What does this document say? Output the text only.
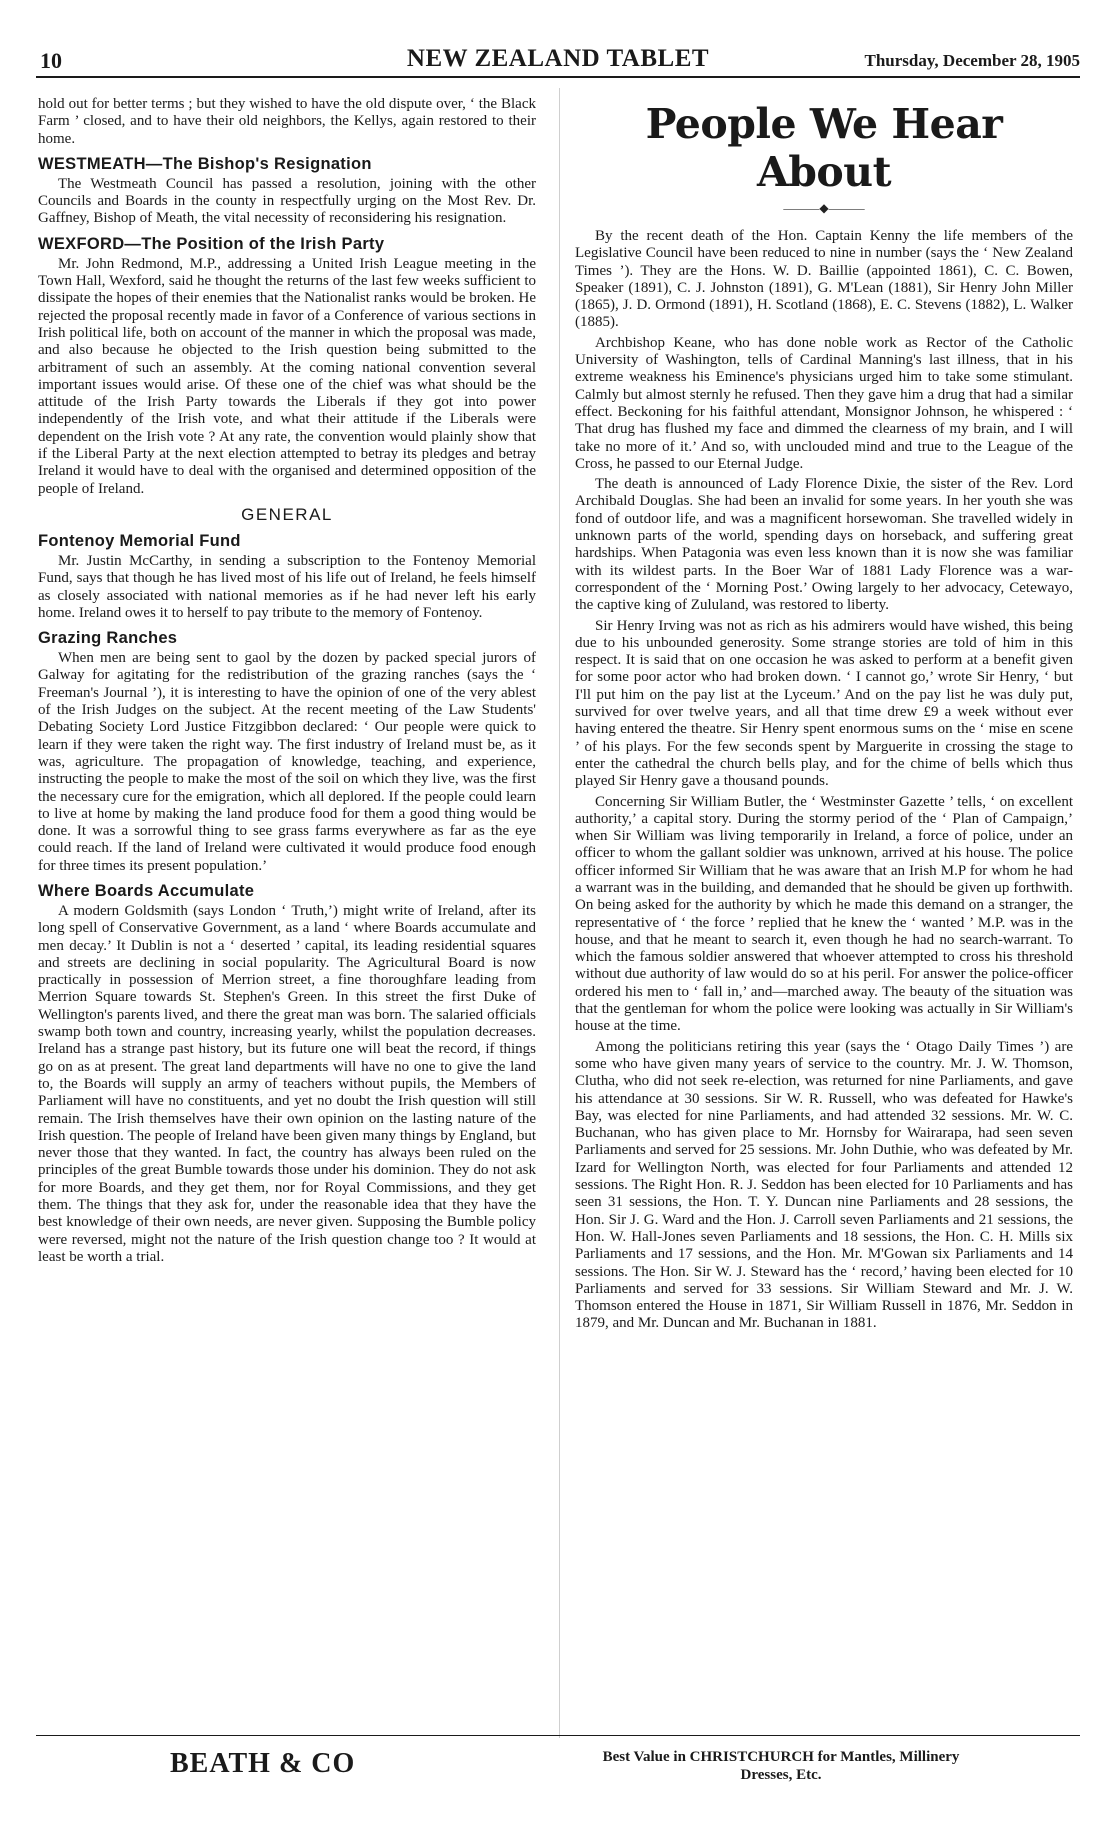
10	NEW ZEALAND TABLET	Thursday, December 28, 1905

hold out for better terms ; but they wished to have the old dispute over, ‘ the Black Farm ’ closed, and to have their old neighbors, the Kellys, again restored to their home.

WESTMEATH—The Bishop's Resignation

The Westmeath Council has passed a resolution, joining with the other Councils and Boards in the county in respectfully urging on the Most Rev. Dr. Gaffney, Bishop of Meath, the vital necessity of reconsidering his resignation.

WEXFORD—The Position of the Irish Party

Mr. John Redmond, M.P., addressing a United Irish League meeting in the Town Hall, Wexford, said he thought the returns of the last few weeks sufficient to dissipate the hopes of their enemies that the Nationalist ranks would be broken. He rejected the proposal recently made in favor of a Conference of various sections in Irish political life, both on account of the manner in which the proposal was made, and also because he objected to the Irish question being submitted to the arbitrament of such an assembly. At the coming national convention several important issues would arise. Of these one of the chief was what should be the attitude of the Irish Party towards the Liberals if they got into power independently of the Irish vote, and what their attitude if the Liberals were dependent on the Irish vote ? At any rate, the convention would plainly show that if the Liberal Party at the next election attempted to betray its pledges and betray Ireland it would have to deal with the organised and determined opposition of the people of Ireland.

GENERAL
Fontenoy Memorial Fund

Mr. Justin McCarthy, in sending a subscription to the Fontenoy Memorial Fund, says that though he has lived most of his life out of Ireland, he feels himself as closely associated with national memories as if he had never left his early home. Ireland owes it to herself to pay tribute to the memory of Fontenoy.

Grazing Ranches

When men are being sent to gaol by the dozen by packed special jurors of Galway for agitating for the redistribution of the grazing ranches (says the ‘ Freeman's Journal ’), it is interesting to have the opinion of one of the very ablest of the Irish Judges on the subject. At the recent meeting of the Law Students' Debating Society Lord Justice Fitzgibbon declared: ‘ Our people were quick to learn if they were taken the right way. The first industry of Ireland must be, as it was, agriculture. The propagation of knowledge, teaching, and experience, instructing the people to make the most of the soil on which they live, was the first the necessary cure for the emigration, which all deplored. If the people could learn to live at home by making the land produce food for them a good thing would be done. It was a sorrowful thing to see grass farms everywhere as far as the eye could reach. If the land of Ireland were cultivated it would produce food enough for three times its present population.’

Where Boards Accumulate

A modern Goldsmith (says London ‘ Truth,’) might write of Ireland, after its long spell of Conservative Government, as a land ‘ where Boards accumulate and men decay.’ It Dublin is not a ‘ deserted ’ capital, its leading residential squares and streets are declining in social popularity. The Agricultural Board is now practically in possession of Merrion street, a fine thoroughfare leading from Merrion Square towards St. Stephen's Green. In this street the first Duke of Wellington's parents lived, and there the great man was born. The salaried officials swamp both town and country, increasing yearly, whilst the population decreases. Ireland has a strange past history, but its future one will beat the record, if things go on as at present. The great land departments will have no one to give the land to, the Boards will supply an army of teachers without pupils, the Members of Parliament will have no constituents, and yet no doubt the Irish question will still remain. The Irish themselves have their own opinion on the lasting nature of the Irish question. The people of Ireland have been given many things by England, but never those that they wanted. In fact, the country has always been ruled on the principles of the great Bumble towards those under his dominion. They do not ask for more Boards, and they get them, nor for Royal Commissions, and they get them. The things that they ask for, under the reasonable idea that they have the best knowledge of their own needs, are never given. Supposing the Bumble policy were reversed, might not the nature of the Irish question change too ? It would at least be worth a trial.

People We Hear About
———◆———

By the recent death of the Hon. Captain Kenny the life members of the Legislative Council have been reduced to nine in number (says the ‘ New Zealand Times ’). They are the Hons. W. D. Baillie (appointed 1861), C. C. Bowen, Speaker (1891), C. J. Johnston (1891), G. M'Lean (1881), Sir Henry John Miller (1865), J. D. Ormond (1891), H. Scotland (1868), E. C. Stevens (1882), L. Walker (1885).

Archbishop Keane, who has done noble work as Rector of the Catholic University of Washington, tells of Cardinal Manning's last illness, that in his extreme weakness his Eminence's physicians urged him to take some stimulant. Calmly but almost sternly he refused. Then they gave him a drug that had a similar effect. Beckoning for his faithful attendant, Monsignor Johnson, he whispered : ‘ That drug has flushed my face and dimmed the clearness of my brain, and I will take no more of it.’ And so, with unclouded mind and true to the League of the Cross, he passed to our Eternal Judge.

The death is announced of Lady Florence Dixie, the sister of the Rev. Lord Archibald Douglas. She had been an invalid for some years. In her youth she was fond of outdoor life, and was a magnificent horsewoman. She travelled widely in unknown parts of the world, spending days on horseback, and suffering great hardships. When Patagonia was even less known than it is now she was familiar with its wildest parts. In the Boer War of 1881 Lady Florence was a war-correspondent of the ‘ Morning Post.’ Owing largely to her advocacy, Cetewayo, the captive king of Zululand, was restored to liberty.

Sir Henry Irving was not as rich as his admirers would have wished, this being due to his unbounded generosity. Some strange stories are told of him in this respect. It is said that on one occasion he was asked to perform at a benefit given for some poor actor who had broken down. ‘ I cannot go,’ wrote Sir Henry, ‘ but I'll put him on the pay list at the Lyceum.’ And on the pay list he was duly put, survived for over twelve years, and all that time drew £9 a week without ever having entered the theatre. Sir Henry spent enormous sums on the ‘ mise en scene ’ of his plays. For the few seconds spent by Marguerite in crossing the stage to enter the cathedral the church bells play, and for the chime of bells which thus played Sir Henry gave a thousand pounds.

Concerning Sir William Butler, the ‘ Westminster Gazette ’ tells, ‘ on excellent authority,’ a capital story. During the stormy period of the ‘ Plan of Campaign,’ when Sir William was living temporarily in Ireland, a force of police, under an officer to whom the gallant soldier was unknown, arrived at his house. The police officer informed Sir William that he was aware that an Irish M.P for whom he had a warrant was in the building, and demanded that he should be given up forthwith. On being asked for the authority by which he made this demand on a stranger, the representative of ‘ the force ’ replied that he knew the ‘ wanted ’ M.P. was in the house, and that he meant to search it, even though he had no search-warrant. To which the famous soldier answered that whoever attempted to cross his threshold without due authority of law would do so at his peril. For answer the police-officer ordered his men to ‘ fall in,’ and—marched away. The beauty of the situation was that the gentleman for whom the police were looking was actually in Sir William's house at the time.

Among the politicians retiring this year (says the ‘ Otago Daily Times ’) are some who have given many years of service to the country. Mr. J. W. Thomson, Clutha, who did not seek re-election, was returned for nine Parliaments, and gave his attendance at 30 sessions. Sir W. R. Russell, who was defeated for Hawke's Bay, was elected for nine Parliaments, and had attended 32 sessions. Mr. W. C. Buchanan, who has given place to Mr. Hornsby for Wairarapa, had seen seven Parliaments and served for 25 sessions. Mr. John Duthie, who was defeated by Mr. Izard for Wellington North, was elected for four Parliaments and attended 12 sessions. The Right Hon. R. J. Seddon has been elected for 10 Parliaments and has seen 31 sessions, the Hon. T. Y. Duncan nine Parliaments and 28 sessions, the Hon. Sir J. G. Ward and the Hon. J. Carroll seven Parliaments and 21 sessions, the Hon. W. Hall-Jones seven Parliaments and 18 sessions, the Hon. C. H. Mills six Parliaments and 17 sessions, and the Hon. Mr. M'Gowan six Parliaments and 14 sessions. The Hon. Sir W. J. Steward has the ‘ record,’ having been elected for 10 Parliaments and served for 33 sessions. Sir William Steward and Mr. J. W. Thomson entered the House in 1871, Sir William Russell in 1876, Mr. Seddon in 1879, and Mr. Duncan and Mr. Buchanan in 1881.

BEATH & CO	Best Value in CHRISTCHURCH for Mantles, Millinery
Dresses, Etc.
